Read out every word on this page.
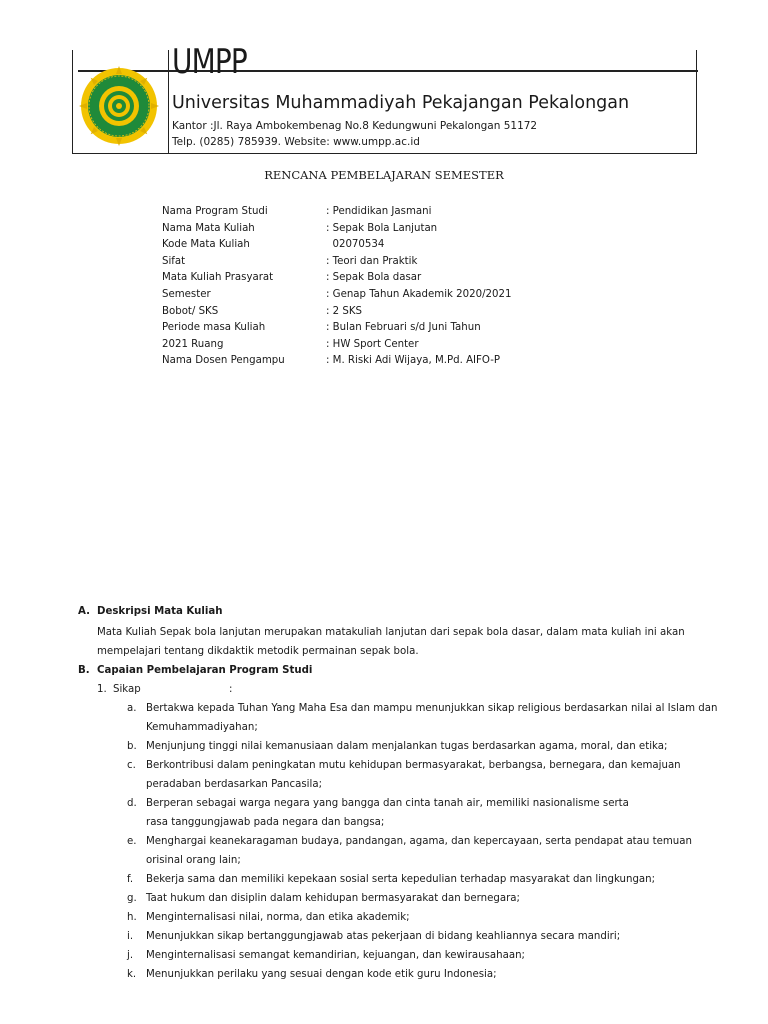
UMPP
Universitas Muhammadiyah Pekajangan Pekalongan
Kantor :Jl. Raya Ambokembenag No.8 Kedungwuni Pekalongan 51172
Telp. (0285) 785939. Website: www.umpp.ac.id
RENCANA PEMBELAJARAN SEMESTER
Nama Program Studi	: Pendidikan Jasmani
Nama Mata Kuliah	: Sepak Bola Lanjutan
Kode Mata Kuliah	02070534
Sifat	: Teori dan Praktik
Mata Kuliah Prasyarat	: Sepak Bola dasar
Semester	: Genap Tahun Akademik 2020/2021
Bobot/ SKS	: 2 SKS
Periode masa Kuliah	: Bulan Februari s/d Juni Tahun
2021 Ruang	: HW Sport Center
Nama Dosen Pengampu	: M. Riski Adi Wijaya, M.Pd. AIFO-P
A. Deskripsi Mata Kuliah
Mata Kuliah Sepak bola lanjutan merupakan matakuliah lanjutan dari sepak bola dasar, dalam mata kuliah ini akan
mempelajari tentang dikdaktik metodik permainan sepak bola.
B. Capaian Pembelajaran Program Studi
1. Sikap	:
a. Bertakwa kepada Tuhan Yang Maha Esa dan mampu menunjukkan sikap religious berdasarkan nilai al Islam dan
Kemuhammadiyahan;
b. Menjunjung tinggi nilai kemanusiaan dalam menjalankan tugas berdasarkan agama, moral, dan etika;
c. Berkontribusi dalam peningkatan mutu kehidupan bermasyarakat, berbangsa, bernegara, dan kemajuan
peradaban berdasarkan Pancasila;
d. Berperan sebagai warga negara yang bangga dan cinta tanah air, memiliki nasionalisme serta
rasa tanggungjawab pada negara dan bangsa;
e. Menghargai keanekaragaman budaya, pandangan, agama, dan kepercayaan, serta pendapat atau temuan
orisinal orang lain;
f. Bekerja sama dan memiliki kepekaan sosial serta kepedulian terhadap masyarakat dan lingkungan;
g. Taat hukum dan disiplin dalam kehidupan bermasyarakat dan bernegara;
h. Menginternalisasi nilai, norma, dan etika akademik;
i. Menunjukkan sikap bertanggungjawab atas pekerjaan di bidang keahliannya secara mandiri;
j. Menginternalisasi semangat kemandirian, kejuangan, dan kewirausahaan;
k. Menunjukkan perilaku yang sesuai dengan kode etik guru Indonesia;
